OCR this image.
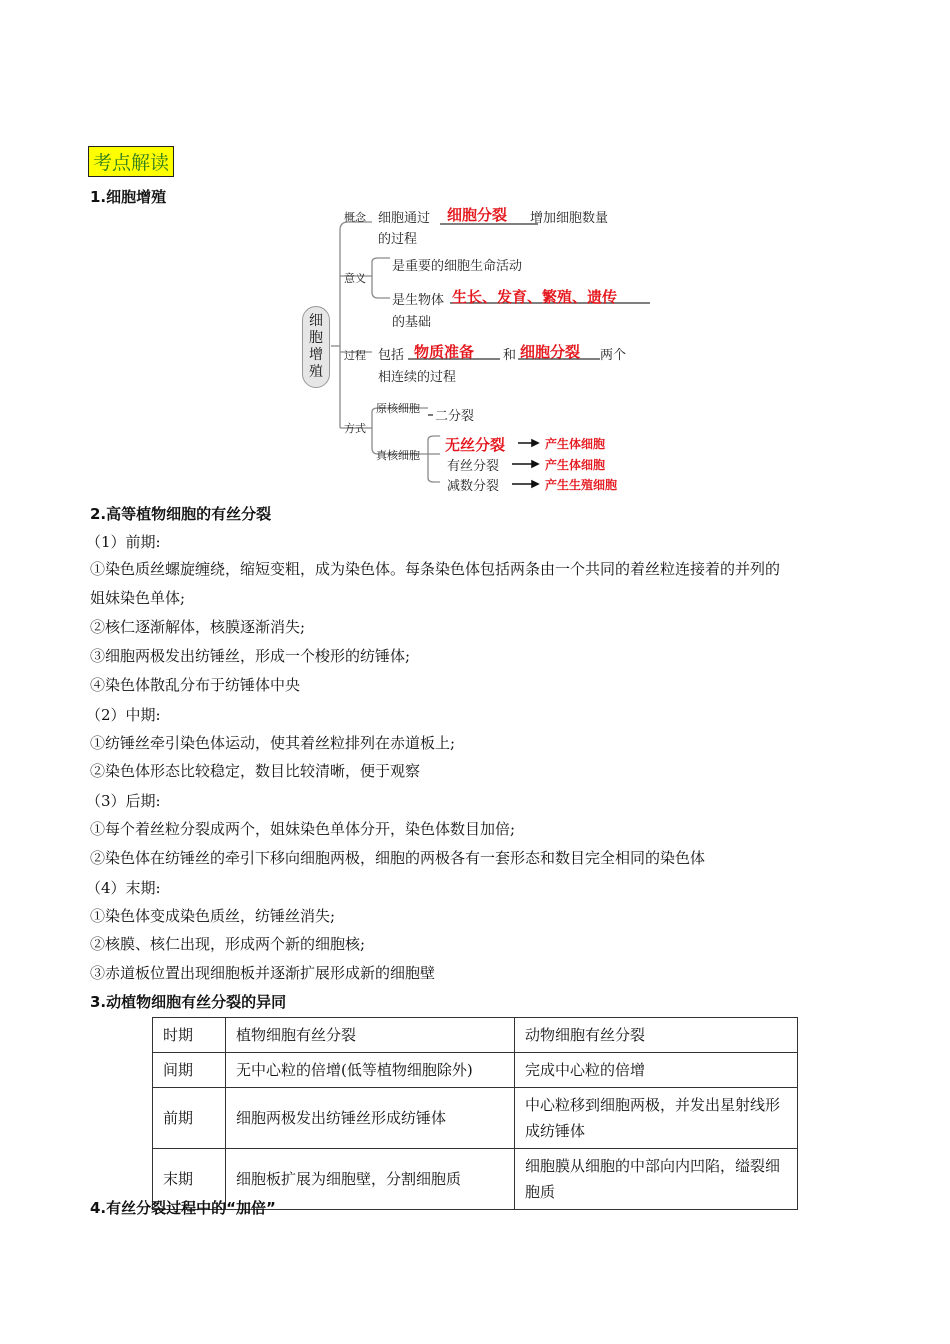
考点解读
1.细胞增殖
细胞增殖
概念 细胞通过 细胞分裂 增加细胞数量
的过程
意义
是重要的细胞生命活动
是生物体 生长、发育、繁殖、遗传
的基础
过程 包括 物质准备 和 细胞分裂 两个
相连续的过程
方式
原核细胞
二分裂
真核细胞
无丝分裂
有丝分裂
减数分裂
产生体细胞
产生体细胞
产生生殖细胞
2.高等植物细胞的有丝分裂
（1）前期:
①染色质丝螺旋缠绕，缩短变粗，成为染色体。每条染色体包括两条由一个共同的着丝粒连接着的并列的
姐妹染色单体;
②核仁逐渐解体，核膜逐渐消失;
③细胞两极发出纺锤丝，形成一个梭形的纺锤体;
④染色体散乱分布于纺锤体中央
（2）中期:
①纺锤丝牵引染色体运动，使其着丝粒排列在赤道板上;
②染色体形态比较稳定，数目比较清晰，便于观察
（3）后期:
①每个着丝粒分裂成两个，姐妹染色单体分开，染色体数目加倍;
②染色体在纺锤丝的牵引下移向细胞两极，细胞的两极各有一套形态和数目完全相同的染色体
（4）末期:
①染色体变成染色质丝，纺锤丝消失;
②核膜、核仁出现，形成两个新的细胞核;
③赤道板位置出现细胞板并逐渐扩展形成新的细胞壁
3.动植物细胞有丝分裂的异同
时期	植物细胞有丝分裂	动物细胞有丝分裂
间期	无中心粒的倍增(低等植物细胞除外)	完成中心粒的倍增
前期	细胞两极发出纺锤丝形成纺锤体	中心粒移到细胞两极，并发出星射线形成纺锤体
末期	细胞板扩展为细胞壁，分割细胞质	细胞膜从细胞的中部向内凹陷，缢裂细胞质
4.有丝分裂过程中的“加倍”
